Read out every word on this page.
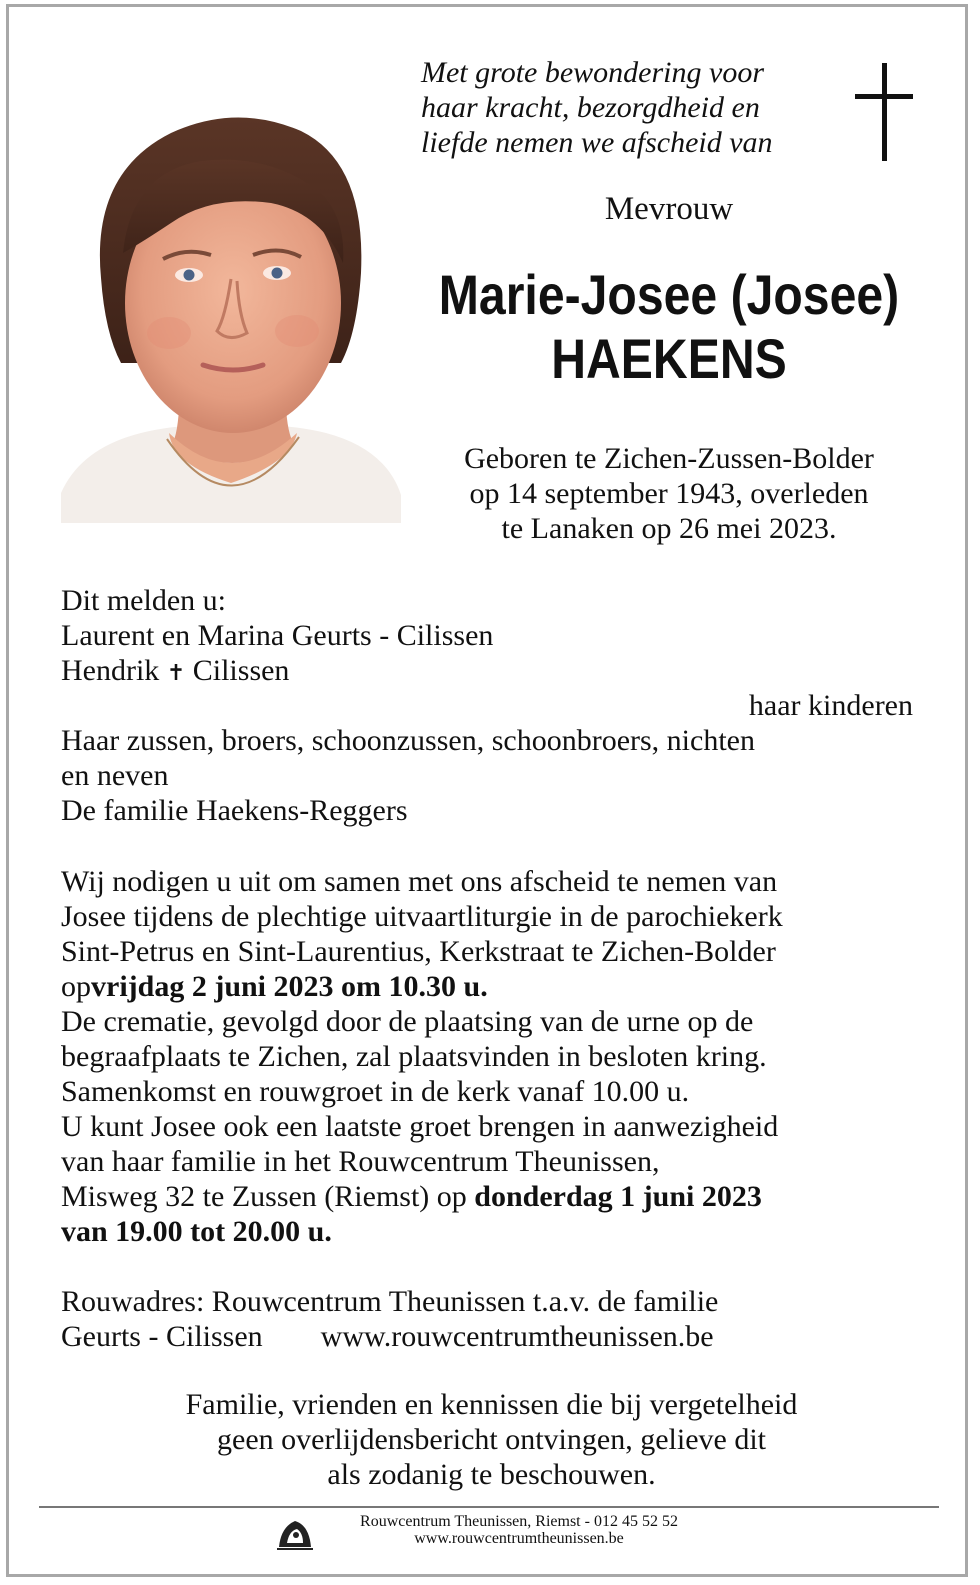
Met grote bewondering voor
haar kracht, bezorgdheid en
liefde nemen we afscheid van
Mevrouw
Marie-Josee (Josee)
HAEKENS
Geboren te Zichen-Zussen-Bolder
op 14 september 1943, overleden
te Lanaken op 26 mei 2023.
Dit melden u:
Laurent en Marina Geurts - Cilissen
Hendrik ✝ Cilissen
haar kinderen
Haar zussen, broers, schoonzussen, schoonbroers, nichten
en neven
De familie Haekens-Reggers
Wij nodigen u uit om samen met ons afscheid te nemen van
Josee tijdens de plechtige uitvaartliturgie in de parochiekerk
Sint-Petrus en Sint-Laurentius, Kerkstraat te Zichen-Bolder
opvrijdag 2 juni 2023 om 10.30 u.
De crematie, gevolgd door de plaatsing van de urne op de
begraafplaats te Zichen, zal plaatsvinden in besloten kring.
Samenkomst en rouwgroet in de kerk vanaf 10.00 u.
U kunt Josee ook een laatste groet brengen in aanwezigheid
van haar familie in het Rouwcentrum Theunissen,
Misweg 32 te Zussen (Riemst) op donderdag 1 juni 2023
van 19.00 tot 20.00 u.
Rouwadres: Rouwcentrum Theunissen t.a.v. de familie
Geurts - Cilissen www.rouwcentrumtheunissen.be
Familie, vrienden en kennissen die bij vergetelheid
geen overlijdensbericht ontvingen, gelieve dit
als zodanig te beschouwen.
Rouwcentrum Theunissen, Riemst - 012 45 52 52
www.rouwcentrumtheunissen.be
